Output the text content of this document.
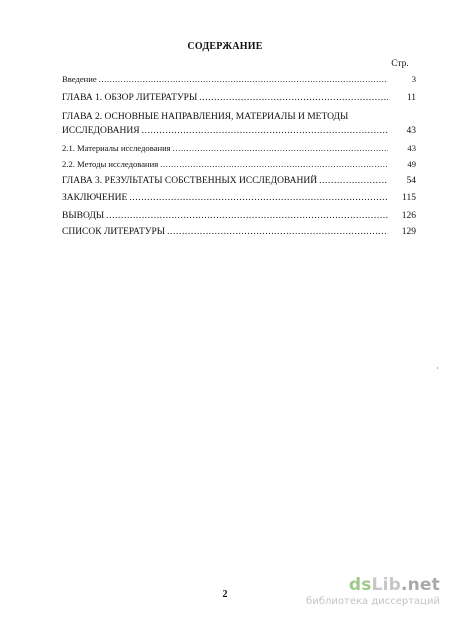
СОДЕРЖАНИЕ
Стр.
Введение .....	3
ГЛАВА 1. ОБЗОР ЛИТЕРАТУРЫ .....	11
ГЛАВА 2. ОСНОВНЫЕ НАПРАВЛЕНИЯ, МАТЕРИАЛЫ И МЕТОДЫ
ИССЛЕДОВАНИЯ .....	43
2.1. Материалы исследования .....	43
2.2. Методы исследования .....	49
ГЛАВА 3. РЕЗУЛЬТАТЫ СОБСТВЕННЫХ ИССЛЕДОВАНИЙ .....	54
ЗАКЛЮЧЕНИЕ .....	115
ВЫВОДЫ .....	126
СПИСОК ЛИТЕРАТУРЫ .....	129
2	dsLib.net
библиотека диссертаций
